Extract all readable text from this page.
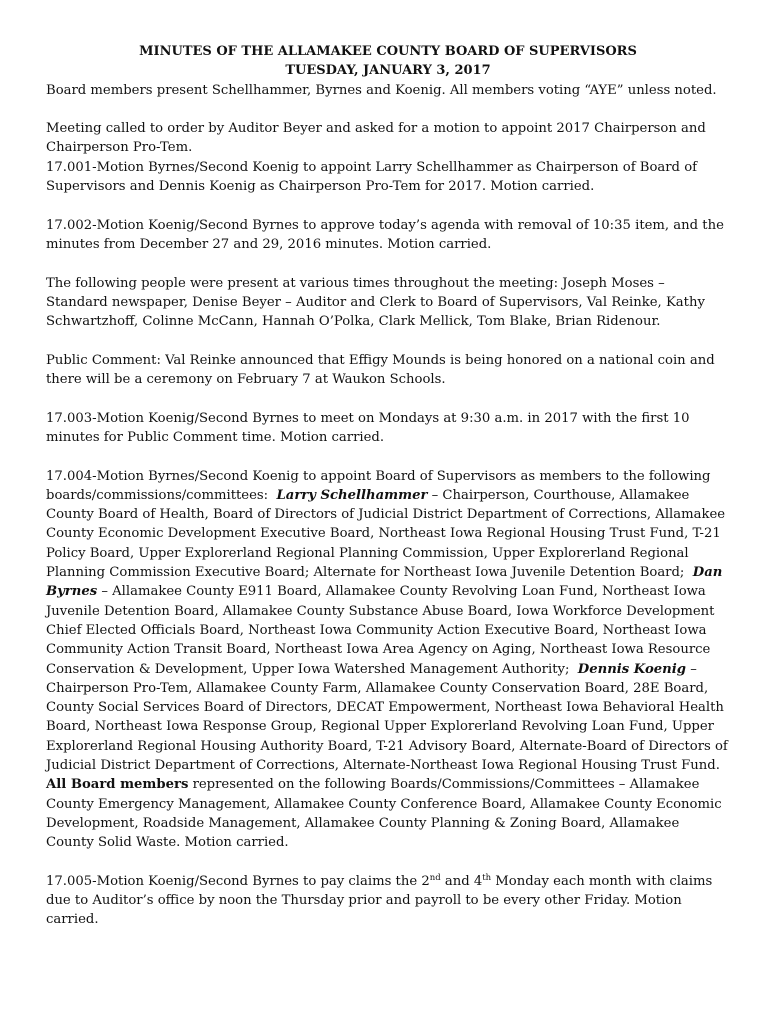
MINUTES OF THE ALLAMAKEE COUNTY BOARD OF SUPERVISORS
TUESDAY, JANUARY 3, 2017

Board members present Schellhammer, Byrnes and Koenig. All members voting “AYE” unless noted.

Meeting called to order by Auditor Beyer and asked for a motion to appoint 2017 Chairperson and Chairperson Pro-Tem.

17.001-Motion Byrnes/Second Koenig to appoint Larry Schellhammer as Chairperson of Board of Supervisors and Dennis Koenig as Chairperson Pro-Tem for 2017. Motion carried.

17.002-Motion Koenig/Second Byrnes to approve today’s agenda with removal of 10:35 item, and the minutes from December 27 and 29, 2016 minutes. Motion carried.

The following people were present at various times throughout the meeting: Joseph Moses – Standard newspaper, Denise Beyer – Auditor and Clerk to Board of Supervisors, Val Reinke, Kathy Schwartzhoff, Colinne McCann, Hannah O’Polka, Clark Mellick, Tom Blake, Brian Ridenour.

Public Comment: Val Reinke announced that Effigy Mounds is being honored on a national coin and there will be a ceremony on February 7 at Waukon Schools.

17.003-Motion Koenig/Second Byrnes to meet on Mondays at 9:30 a.m. in 2017 with the first 10 minutes for Public Comment time. Motion carried.

17.004-Motion Byrnes/Second Koenig to appoint Board of Supervisors as members to the following boards/commissions/committees:  Larry Schellhammer – Chairperson, Courthouse, Allamakee County Board of Health, Board of Directors of Judicial District Department of Corrections, Allamakee County Economic Development Executive Board, Northeast Iowa Regional Housing Trust Fund, T-21 Policy Board, Upper Explorerland Regional Planning Commission, Upper Explorerland Regional Planning Commission Executive Board; Alternate for Northeast Iowa Juvenile Detention Board;  Dan Byrnes – Allamakee County E911 Board, Allamakee County Revolving Loan Fund, Northeast Iowa Juvenile Detention Board, Allamakee County Substance Abuse Board, Iowa Workforce Development Chief Elected Officials Board, Northeast Iowa Community Action Executive Board, Northeast Iowa Community Action Transit Board, Northeast Iowa Area Agency on Aging, Northeast Iowa Resource Conservation & Development, Upper Iowa Watershed Management Authority;  Dennis Koenig – Chairperson Pro-Tem, Allamakee County Farm, Allamakee County Conservation Board, 28E Board, County Social Services Board of Directors, DECAT Empowerment, Northeast Iowa Behavioral Health Board, Northeast Iowa Response Group, Regional Upper Explorerland Revolving Loan Fund, Upper Explorerland Regional Housing Authority Board, T-21 Advisory Board, Alternate-Board of Directors of Judicial District Department of Corrections, Alternate-Northeast Iowa Regional Housing Trust Fund.  All Board members represented on the following Boards/Commissions/Committees – Allamakee County Emergency Management, Allamakee County Conference Board, Allamakee County Economic Development, Roadside Management, Allamakee County Planning & Zoning Board, Allamakee County Solid Waste. Motion carried.

17.005-Motion Koenig/Second Byrnes to pay claims the 2nd and 4th Monday each month with claims due to Auditor’s office by noon the Thursday prior and payroll to be every other Friday. Motion carried.
